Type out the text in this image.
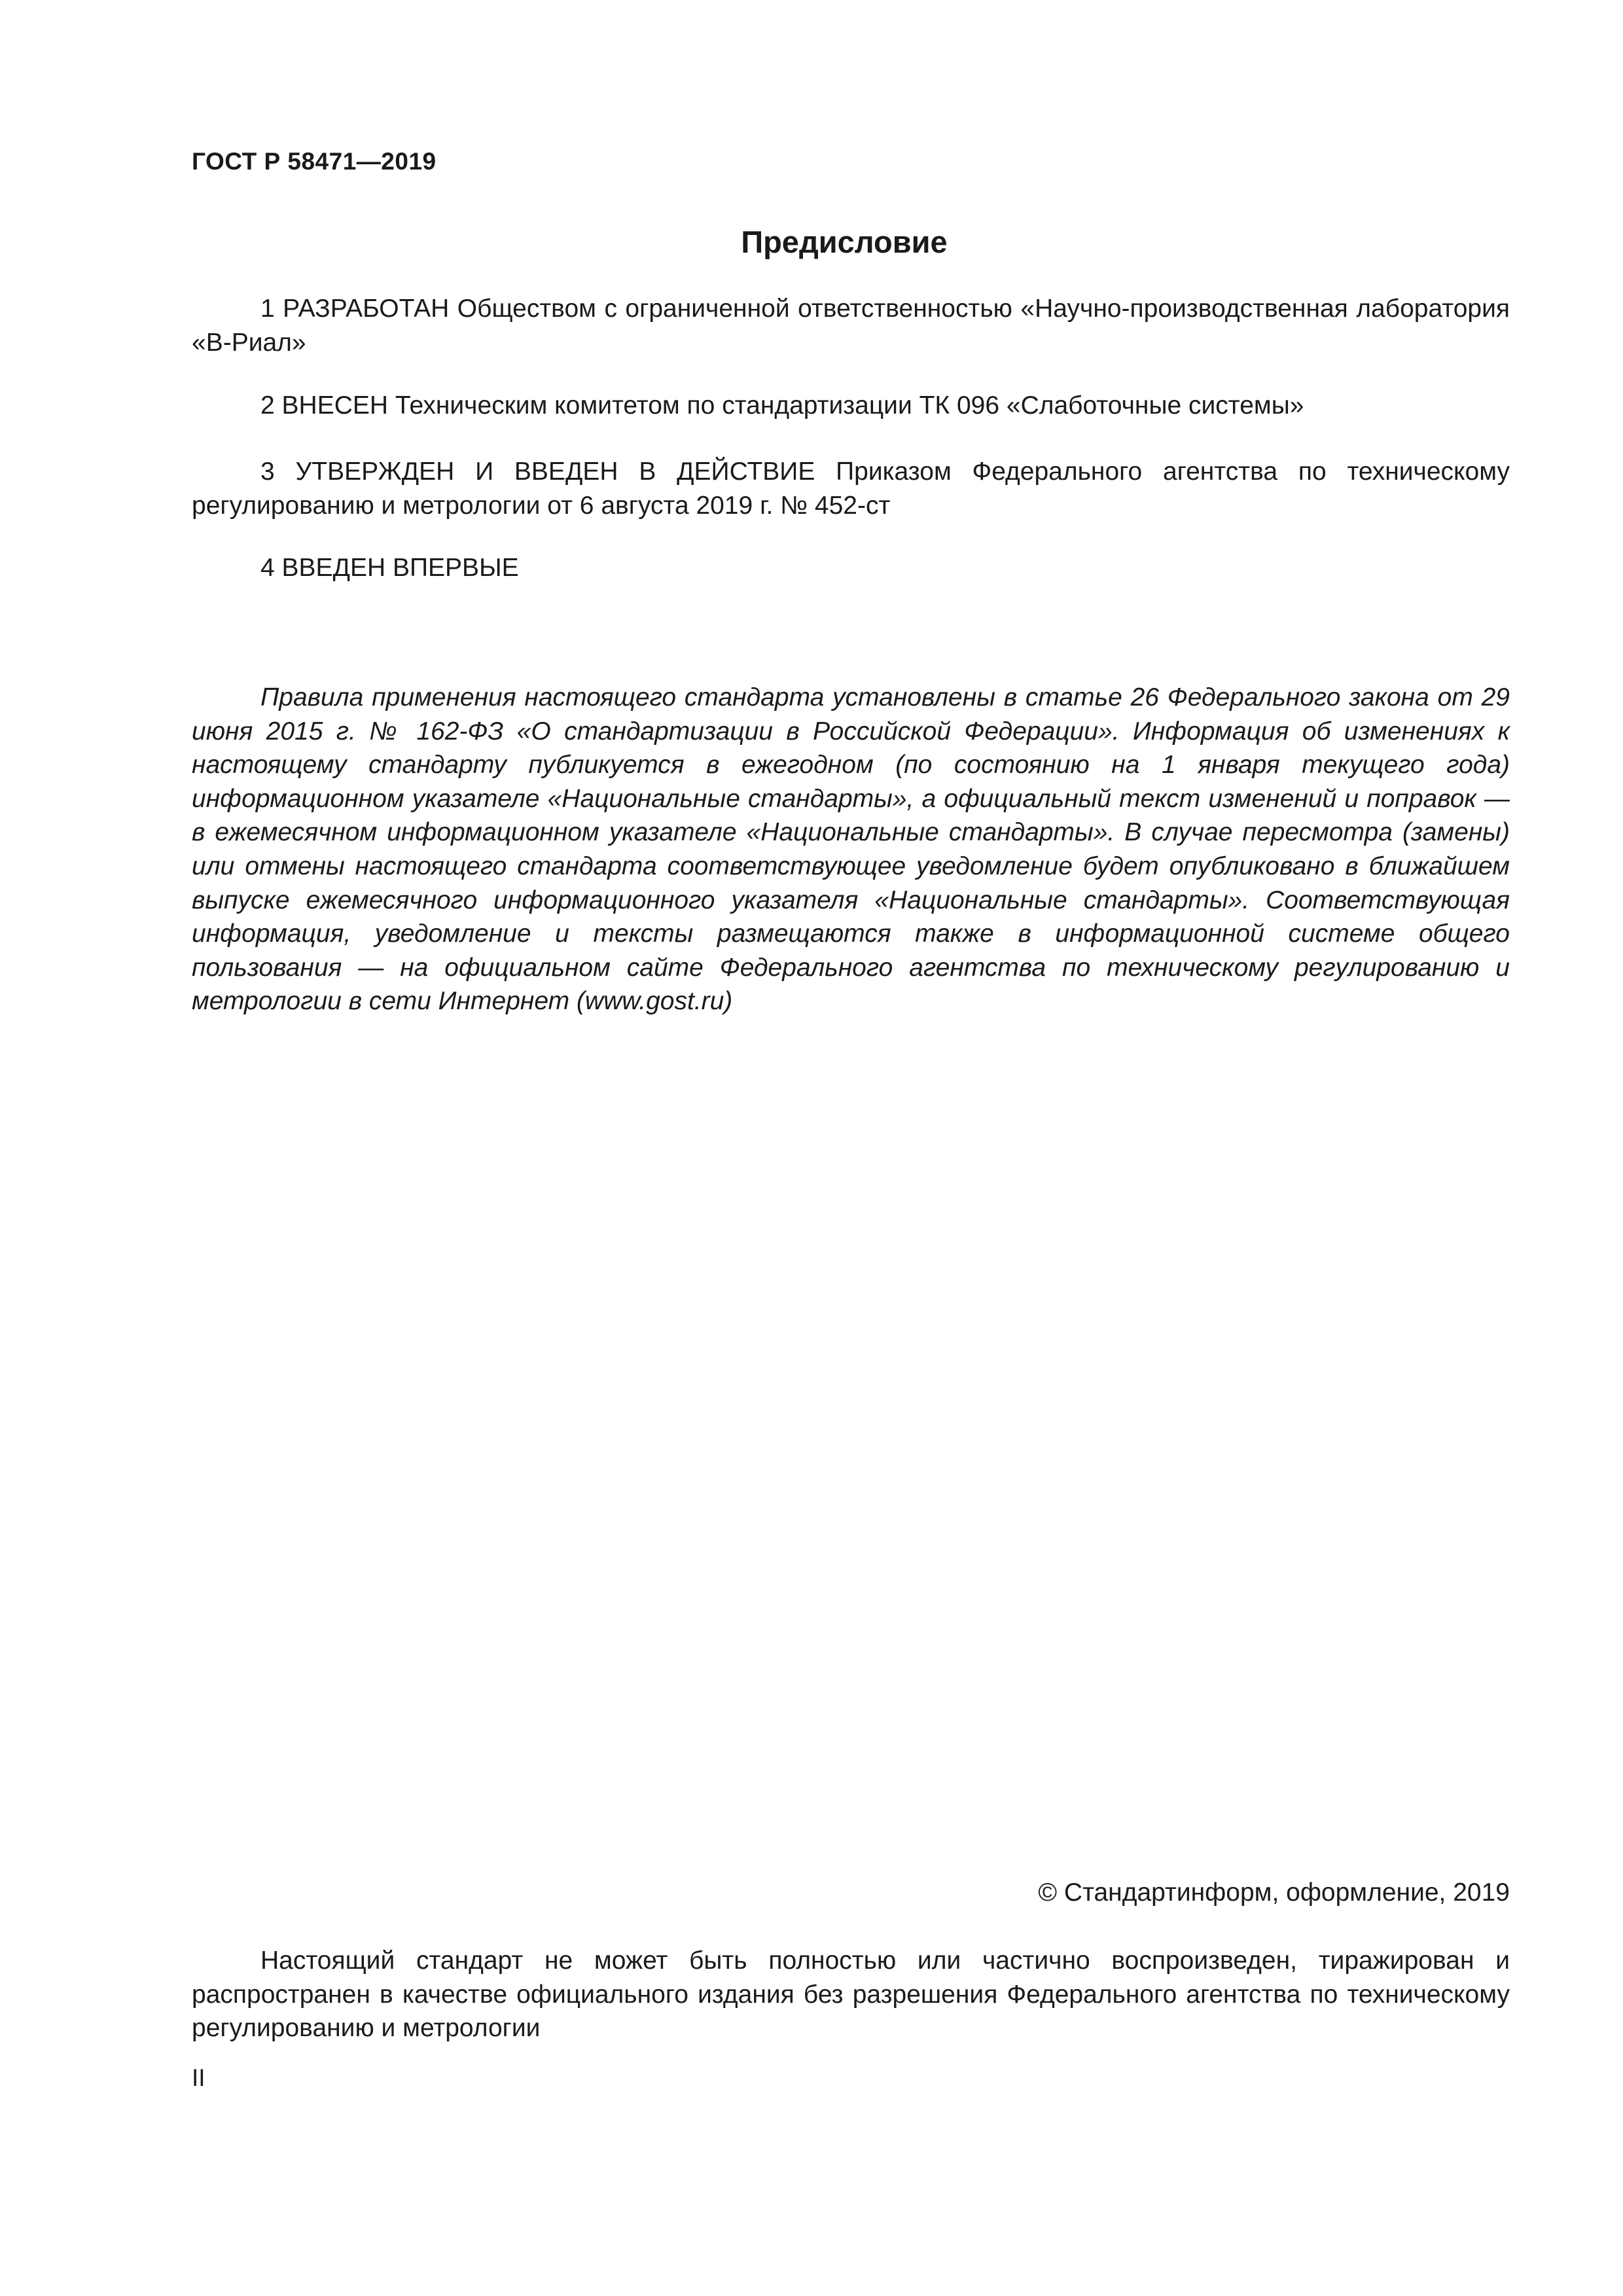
ГОСТ Р 58471—2019
Предисловие

1 РАЗРАБОТАН Обществом с ограниченной ответственностью «Научно-производственная лаборатория «В-Риал»

2 ВНЕСЕН Техническим комитетом по стандартизации ТК 096 «Слаботочные системы»

3 УТВЕРЖДЕН И ВВЕДЕН В ДЕЙСТВИЕ Приказом Федерального агентства по техническому регулированию и метрологии от 6 августа 2019 г. № 452-ст

4 ВВЕДЕН ВПЕРВЫЕ

Правила применения настоящего стандарта установлены в статье 26 Федерального закона от 29 июня 2015 г. № 162-ФЗ «О стандартизации в Российской Федерации». Информация об изменениях к настоящему стандарту публикуется в ежегодном (по состоянию на 1 января текущего года) информационном указателе «Национальные стандарты», а официальный текст изменений и поправок — в ежемесячном информационном указателе «Национальные стандарты». В случае пересмотра (замены) или отмены настоящего стандарта соответствующее уведомление будет опубликовано в ближайшем выпуске ежемесячного информационного указателя «Национальные стандарты». Соответствующая информация, уведомление и тексты размещаются также в информационной системе общего пользования — на официальном сайте Федерального агентства по техническому регулированию и метрологии в сети Интернет (www.gost.ru)

© Стандартинформ, оформление, 2019

Настоящий стандарт не может быть полностью или частично воспроизведен, тиражирован и распространен в качестве официального издания без разрешения Федерального агентства по техническому регулированию и метрологии

II
